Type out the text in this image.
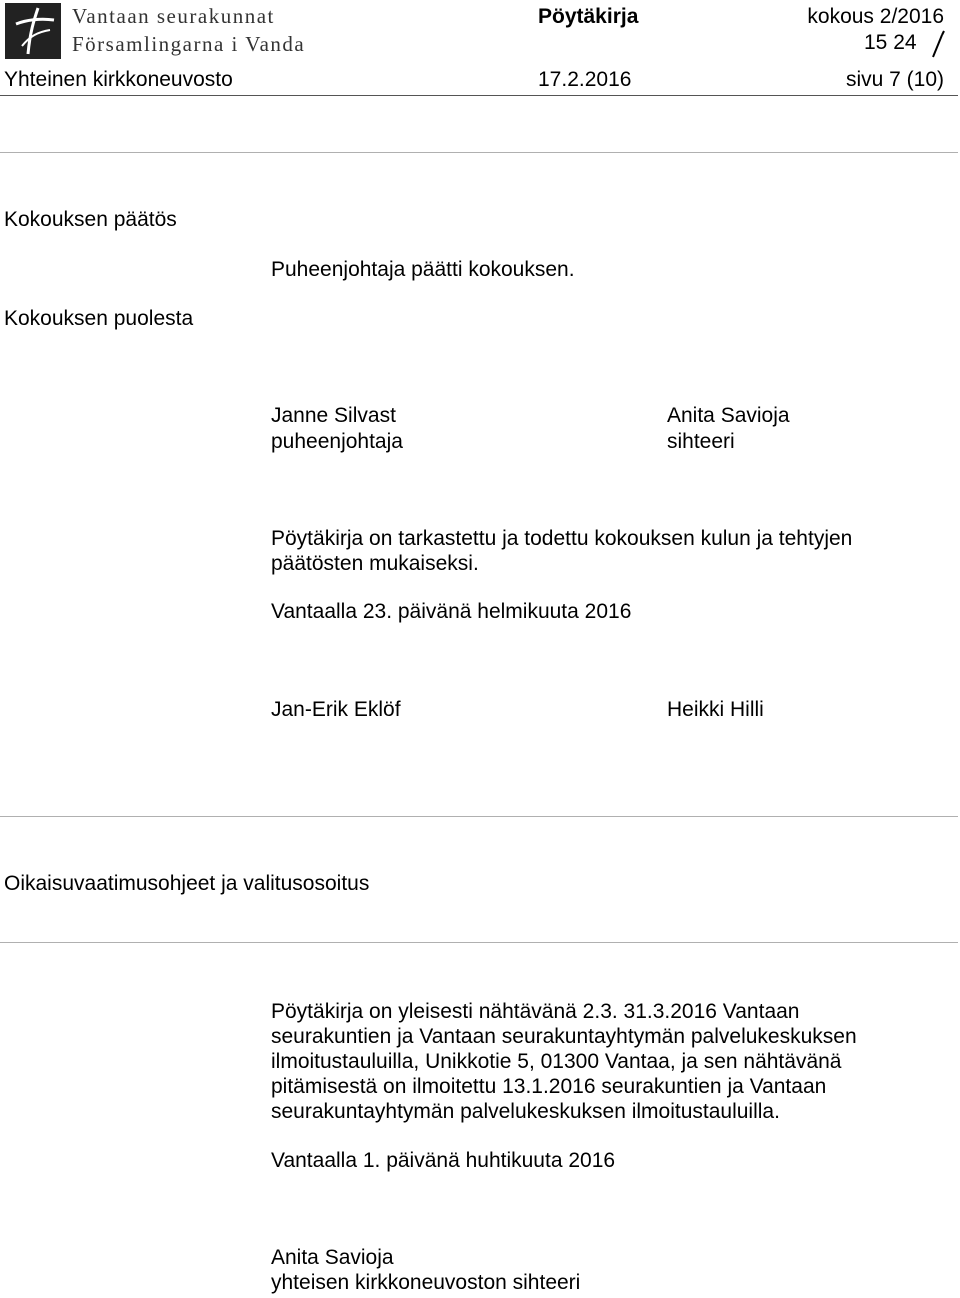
Vantaan seurakunnat
Församlingarna i Vanda
Pöytäkirja	kokous 2/2016
15 24
Yhteinen kirkkoneuvosto	17.2.2016	sivu 7 (10)
Kokouksen päätös
Puheenjohtaja päätti kokouksen.
Kokouksen puolesta
Janne Silvast
puheenjohtaja
Anita Savioja
sihteeri
Pöytäkirja on tarkastettu ja todettu kokouksen kulun ja tehtyjen päätösten mukaiseksi.
Vantaalla 23. päivänä helmikuuta 2016
Jan-Erik Eklöf	Heikki Hilli
Oikaisuvaatimusohjeet ja valitusosoitus
Pöytäkirja on yleisesti nähtävänä 2.3. 31.3.2016 Vantaan seurakuntien ja Vantaan seurakuntayhtymän palvelukeskuksen ilmoitustauluilla, Unikkotie 5, 01300 Vantaa, ja sen nähtävänä pitämisestä on ilmoitettu 13.1.2016 seurakuntien ja Vantaan seurakuntayhtymän palvelukeskuksen ilmoitustauluilla.
Vantaalla 1. päivänä huhtikuuta 2016
Anita Savioja
yhteisen kirkkoneuvoston sihteeri
